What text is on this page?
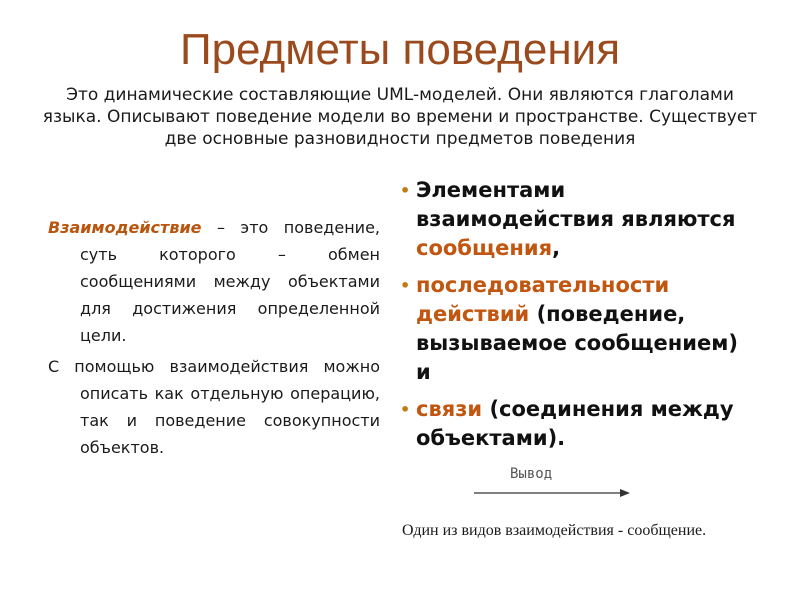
Предметы поведения
Это динамические составляющие UML-моделей. Они являются глаголами языка. Описывают поведение модели во времени и пространстве. Существует две основные разновидности предметов поведения

Взаимодействие – это поведение, суть которого – обмен сообщениями между объектами для достижения определенной цели.

С помощью взаимодействия можно описать как отдельную операцию, так и поведение совокупности объектов.

• Элементами взаимодействия являются сообщения,
• последовательности действий (поведение, вызываемое сообщением) и
• связи (соединения между объектами).
Вывод
Один из видов взаимодействия - сообщение.
